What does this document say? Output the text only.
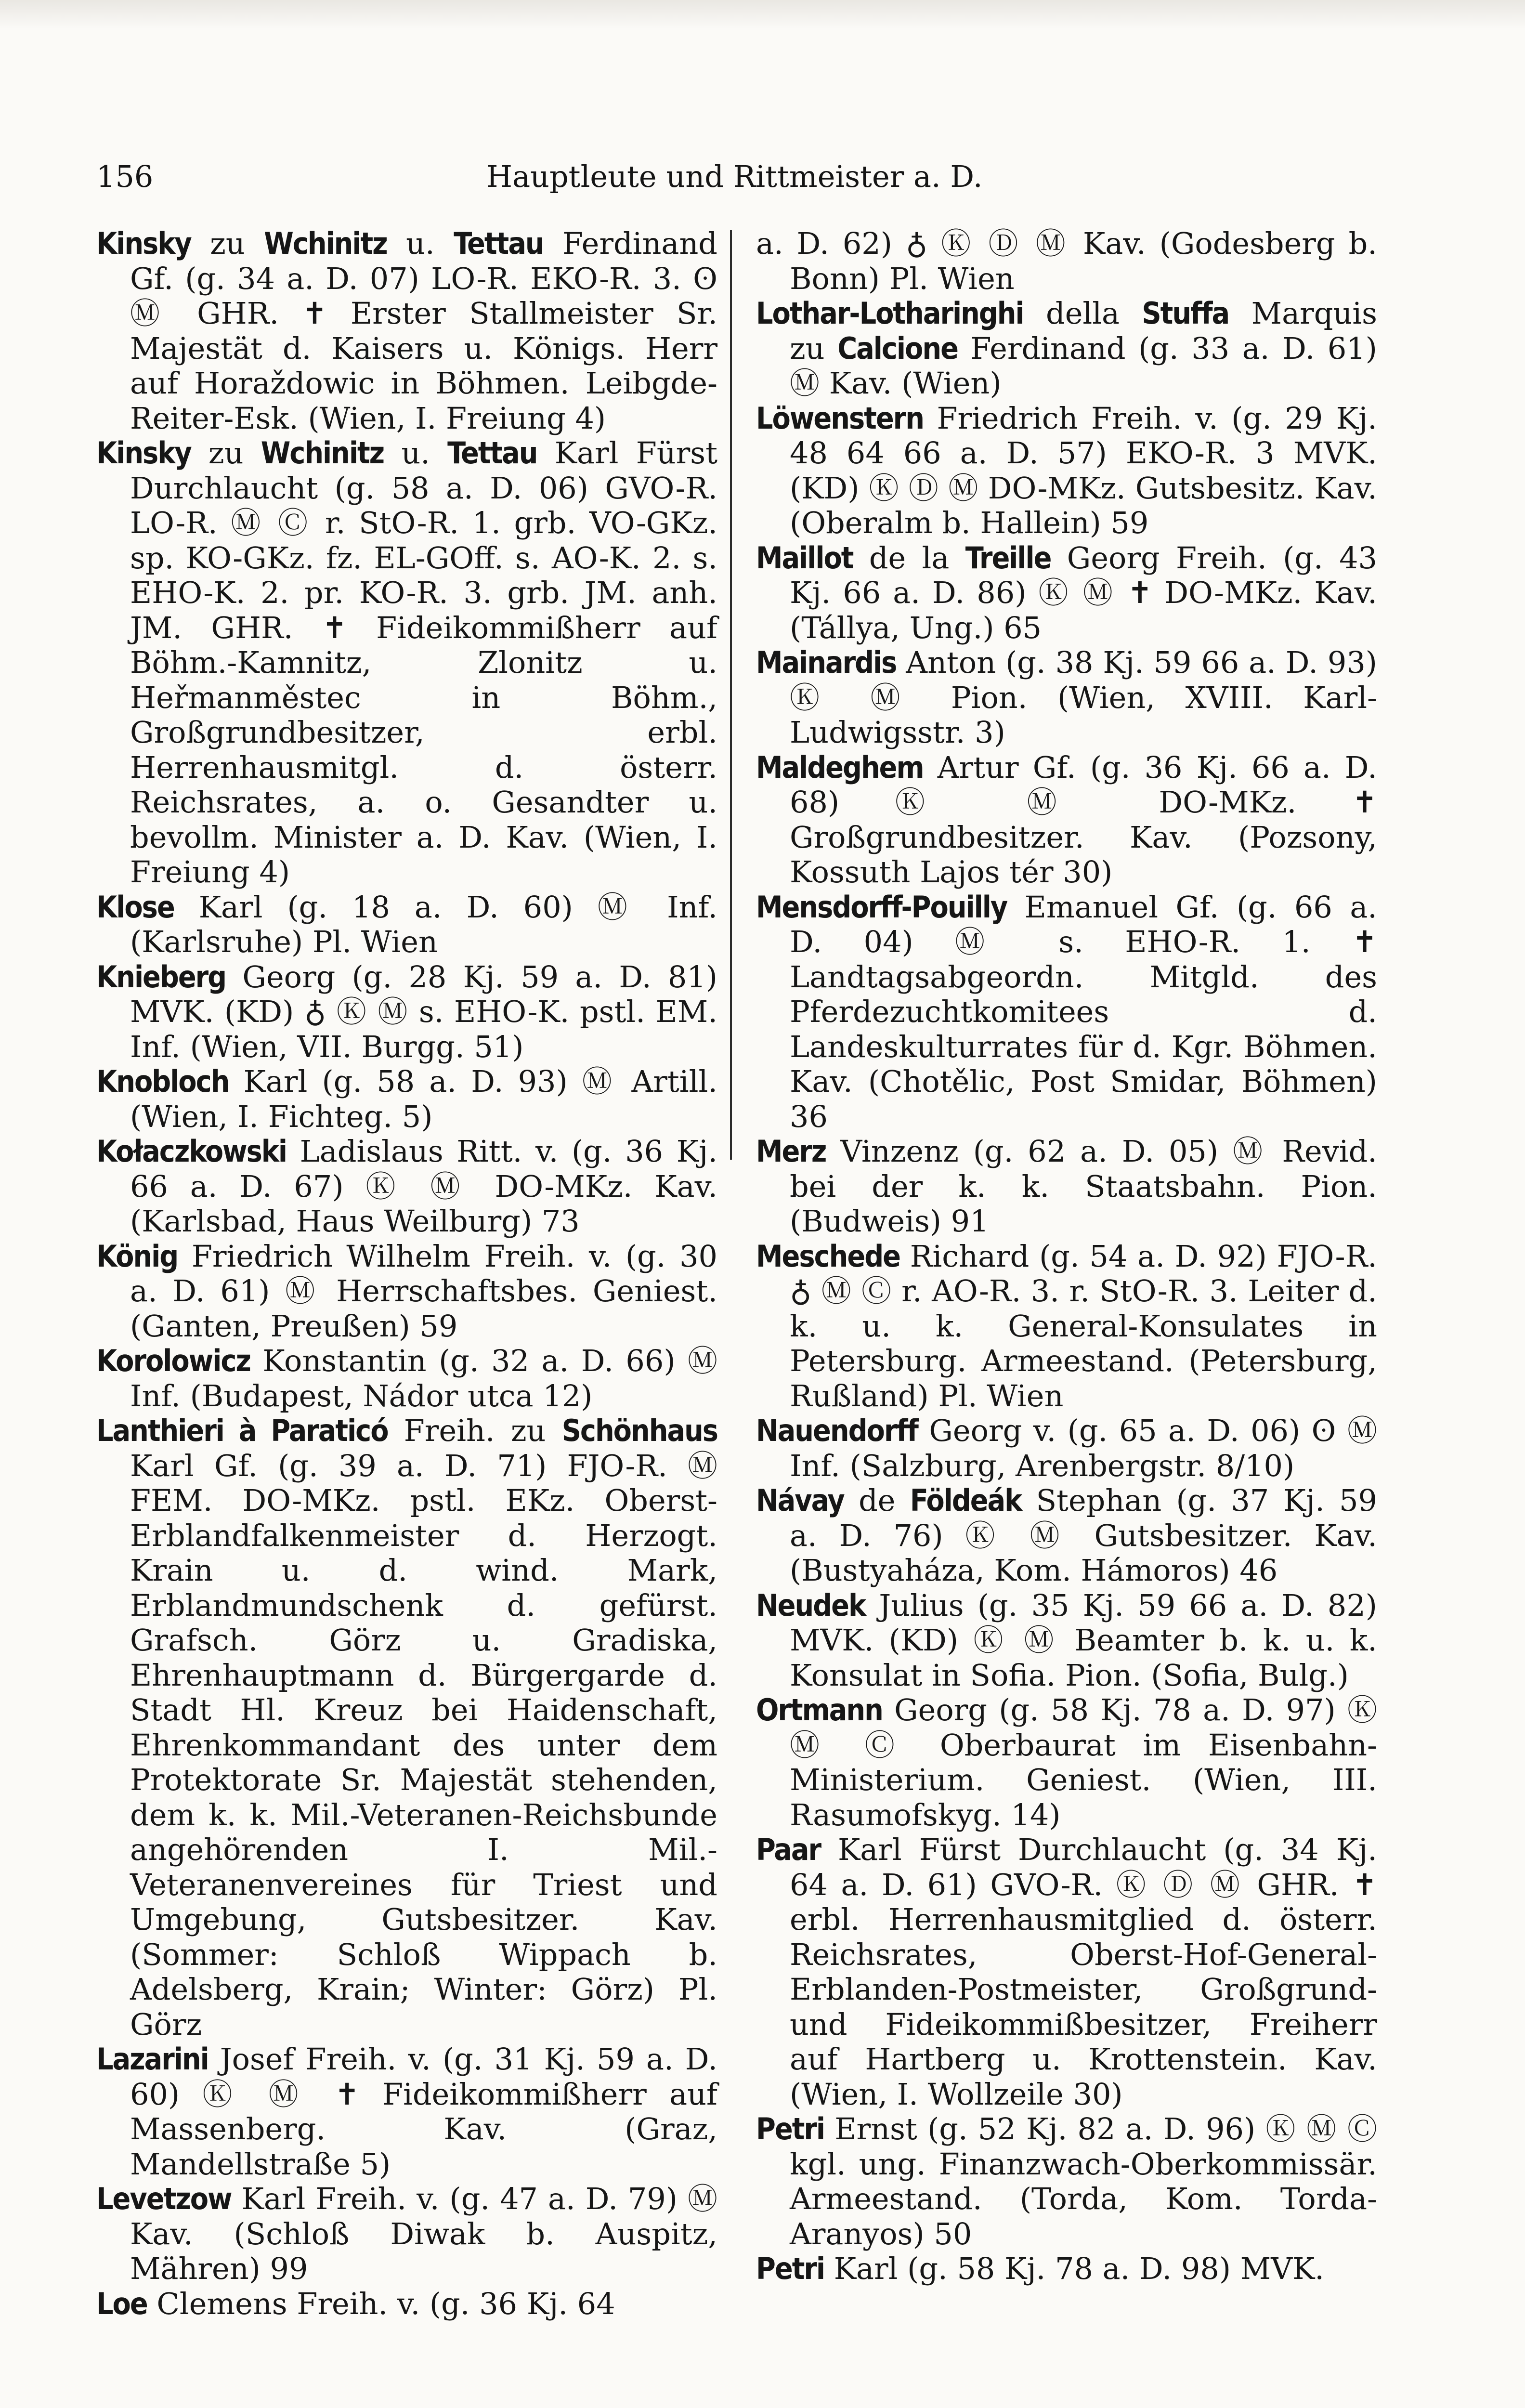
156	Hauptleute und Rittmeister a. D.

Kinsky zu Wchinitz u. Tettau Ferdinand Gf. (g. 34 a. D. 07) LO-R. EKO-R. 3. ʘ Ⓜ GHR. ✝ Erster Stallmeister Sr. Majestät d. Kaisers u. Königs. Herr auf Horaždowic in Böhmen. Leibgde-Reiter-Esk. (Wien, I. Freiung 4)

Kinsky zu Wchinitz u. Tettau Karl Fürst Durchlaucht (g. 58 a. D. 06) GVO-R. LO-R. Ⓜ Ⓒ r. StO-R. 1. grb. VO-GKz. sp. KO-GKz. fz. EL-GOff. s. AO-K. 2. s. EHO-K. 2. pr. KO-R. 3. grb. JM. anh. JM. GHR. ✝ Fideikommißherr auf Böhm.-Kamnitz, Zlonitz u. Heřmanměstec in Böhm., Großgrundbesitzer, erbl. Herrenhausmitgl. d. österr. Reichsrates, a. o. Gesandter u. bevollm. Minister a. D. Kav. (Wien, I. Freiung 4)

Klose Karl (g. 18 a. D. 60) Ⓜ Inf. (Karlsruhe) Pl. Wien

Knieberg Georg (g. 28 Kj. 59 a. D. 81) MVK. (KD) ♁ Ⓚ Ⓜ s. EHO-K. pstl. EM. Inf. (Wien, VII. Burgg. 51)

Knobloch Karl (g. 58 a. D. 93) Ⓜ Artill. (Wien, I. Fichteg. 5)

Kołaczkowski Ladislaus Ritt. v. (g. 36 Kj. 66 a. D. 67) Ⓚ Ⓜ DO-MKz. Kav. (Karlsbad, Haus Weilburg) 73

König Friedrich Wilhelm Freih. v. (g. 30 a. D. 61) Ⓜ Herrschaftsbes. Geniest. (Ganten, Preußen) 59

Korolowicz Konstantin (g. 32 a. D. 66) Ⓜ Inf. (Budapest, Nádor utca 12)

Lanthieri à Paraticó Freih. zu Schönhaus Karl Gf. (g. 39 a. D. 71) FJO-R. Ⓜ FEM. DO-MKz. pstl. EKz. Oberst-Erblandfalkenmeister d. Herzogt. Krain u. d. wind. Mark, Erblandmundschenk d. gefürst. Grafsch. Görz u. Gradiska, Ehrenhauptmann d. Bürgergarde d. Stadt Hl. Kreuz bei Haidenschaft, Ehrenkommandant des unter dem Protektorate Sr. Majestät stehenden, dem k. k. Mil.-Veteranen-Reichsbunde angehörenden I. Mil.-Veteranenvereines für Triest und Umgebung, Gutsbesitzer. Kav. (Sommer: Schloß Wippach b. Adelsberg, Krain; Winter: Görz) Pl. Görz

Lazarini Josef Freih. v. (g. 31 Kj. 59 a. D. 60) Ⓚ Ⓜ ✝ Fideikommißherr auf Massenberg. Kav. (Graz, Mandellstraße 5)

Levetzow Karl Freih. v. (g. 47 a. D. 79) Ⓜ Kav. (Schloß Diwak b. Auspitz, Mähren) 99

Loe Clemens Freih. v. (g. 36 Kj. 64

a. D. 62) ♁ Ⓚ Ⓓ Ⓜ Kav. (Godesberg b. Bonn) Pl. Wien

Lothar-Lotharinghi della Stuffa Marquis zu Calcione Ferdinand (g. 33 a. D. 61) Ⓜ Kav. (Wien)

Löwenstern Friedrich Freih. v. (g. 29 Kj. 48 64 66 a. D. 57) EKO-R. 3 MVK. (KD) Ⓚ Ⓓ Ⓜ DO-MKz. Gutsbesitz. Kav. (Oberalm b. Hallein) 59

Maillot de la Treille Georg Freih. (g. 43 Kj. 66 a. D. 86) Ⓚ Ⓜ ✝ DO-MKz. Kav. (Tállya, Ung.) 65

Mainardis Anton (g. 38 Kj. 59 66 a. D. 93) Ⓚ Ⓜ Pion. (Wien, XVIII. Karl-Ludwigsstr. 3)

Maldeghem Artur Gf. (g. 36 Kj. 66 a. D. 68) Ⓚ Ⓜ DO-MKz. ✝ Großgrundbesitzer. Kav. (Pozsony, Kossuth Lajos tér 30)

Mensdorff-Pouilly Emanuel Gf. (g. 66 a. D. 04) Ⓜ s. EHO-R. 1. ✝ Landtagsabgeordn. Mitgld. des Pferdezuchtkomitees d. Landeskulturrates für d. Kgr. Böhmen. Kav. (Chotělic, Post Smidar, Böhmen) 36

Merz Vinzenz (g. 62 a. D. 05) Ⓜ Revid. bei der k. k. Staatsbahn. Pion. (Budweis) 91

Meschede Richard (g. 54 a. D. 92) FJO-R. ♁ Ⓜ Ⓒ r. AO-R. 3. r. StO-R. 3. Leiter d. k. u. k. General-Konsulates in Petersburg. Armeestand. (Petersburg, Rußland) Pl. Wien

Nauendorff Georg v. (g. 65 a. D. 06) ʘ Ⓜ Inf. (Salzburg, Arenbergstr. 8/10)

Návay de Földeák Stephan (g. 37 Kj. 59 a. D. 76) Ⓚ Ⓜ Gutsbesitzer. Kav. (Bustyaháza, Kom. Hámoros) 46

Neudek Julius (g. 35 Kj. 59 66 a. D. 82) MVK. (KD) Ⓚ Ⓜ Beamter b. k. u. k. Konsulat in Sofia. Pion. (Sofia, Bulg.)

Ortmann Georg (g. 58 Kj. 78 a. D. 97) Ⓚ Ⓜ Ⓒ Oberbaurat im Eisenbahn-Ministerium. Geniest. (Wien, III. Rasumofskyg. 14)

Paar Karl Fürst Durchlaucht (g. 34 Kj. 64 a. D. 61) GVO-R. Ⓚ Ⓓ Ⓜ GHR. ✝ erbl. Herrenhausmitglied d. österr. Reichsrates, Oberst-Hof-General-Erblanden-Postmeister, Großgrund- und Fideikommißbesitzer, Freiherr auf Hartberg u. Krottenstein. Kav. (Wien, I. Wollzeile 30)

Petri Ernst (g. 52 Kj. 82 a. D. 96) Ⓚ Ⓜ Ⓒ kgl. ung. Finanzwach-Oberkommissär. Armeestand. (Torda, Kom. Torda-Aranyos) 50

Petri Karl (g. 58 Kj. 78 a. D. 98) MVK.
